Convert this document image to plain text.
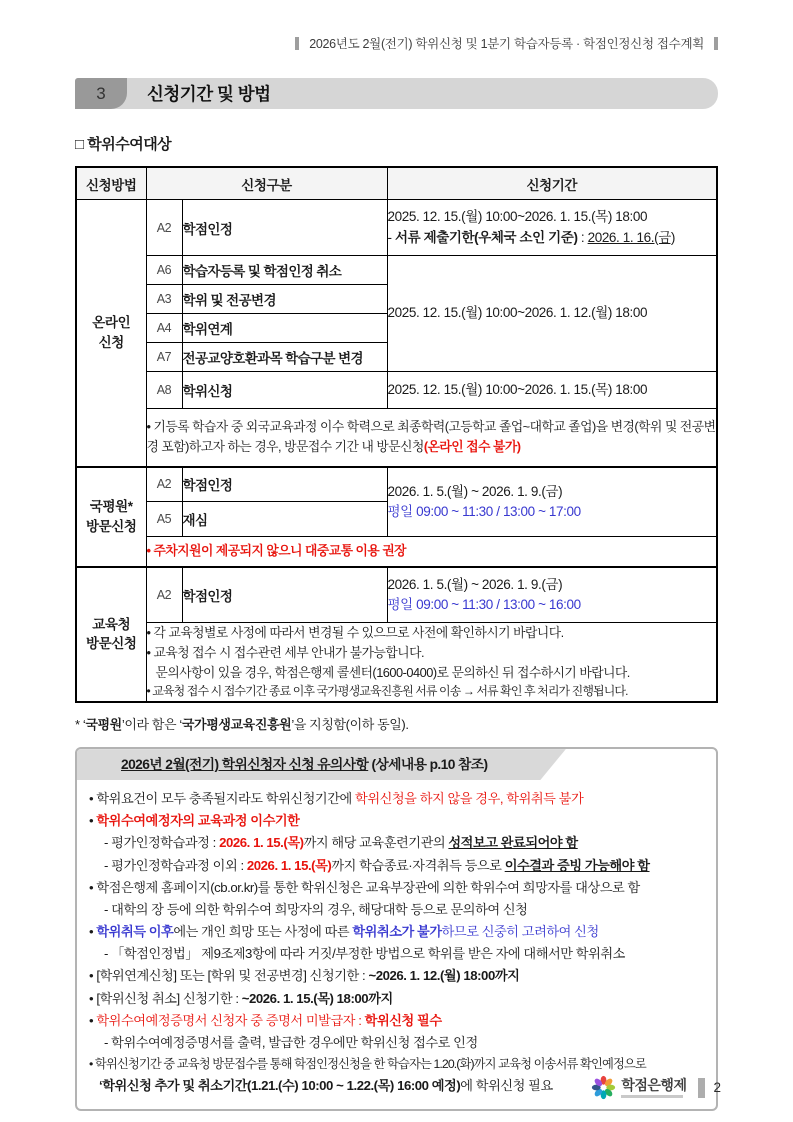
2026년도 2월(전기) 학위신청 및 1분기 학습자등록 · 학점인정신청 접수계획
3	신청기간 및 방법
□ 학위수여대상
신청방법	신청구분		신청기간
온라인
신청	A2	학점인정	2025. 12. 15.(월) 10:00~2026. 1. 15.(목) 18:00
- 서류 제출기한(우체국 소인 기준) : 2026. 1. 16.(금)
	A6	학습자등록 및 학점인정 취소	2025. 12. 15.(월) 10:00~2026. 1. 12.(월) 18:00
	A3	학위 및 전공변경	
	A4	학위연계	
	A7	전공교양호환과목 학습구분 변경	
	A8	학위신청	2025. 12. 15.(월) 10:00~2026. 1. 15.(목) 18:00
	• 기등록 학습자 중 외국교육과정 이수 학력으로 최종학력(고등학교 졸업~대학교 졸업)을 변경(학위 및 전공변경 포함)하고자 하는 경우, 방문접수 기간 내 방문신청(온라인 접수 불가)		
국평원*
방문신청	A2	학점인정	2026. 1. 5.(월) ~ 2026. 1. 9.(금)
평일 09:00 ~ 11:30 / 13:00 ~ 17:00
	A5	재심	
	• 주차지원이 제공되지 않으니 대중교통 이용 권장		
교육청
방문신청	A2	학점인정	2026. 1. 5.(월) ~ 2026. 1. 9.(금)
평일 09:00 ~ 11:30 / 13:00 ~ 16:00

	• 각 교육청별로 사정에 따라서 변경될 수 있으므로 사전에 확인하시기 바랍니다.
• 교육청 접수 시 접수관련 세부 안내가 불가능합니다.
문의사항이 있을 경우, 학점은행제 콜센터(1600-0400)로 문의하신 뒤 접수하시기 바랍니다.
• 교육청 접수 시 접수기간 종료 이후 국가평생교육진흥원 서류 이송 → 서류 확인 후 처리가 진행됩니다.		
* ‘국평원’이라 함은 ‘국가평생교육진흥원’을 지칭함(이하 동일).
2026년 2월(전기) 학위신청자 신청 유의사항 (상세내용 p.10 참조)
• 학위요건이 모두 충족될지라도 학위신청기간에 학위신청을 하지 않을 경우, 학위취득 불가
• 학위수여예정자의 교육과정 이수기한
- 평가인정학습과정 : 2026. 1. 15.(목)까지 해당 교육훈련기관의 성적보고 완료되어야 함
- 평가인정학습과정 이외 : 2026. 1. 15.(목)까지 학습종료·자격취득 등으로 이수결과 증빙 가능해야 함
• 학점은행제 홈페이지(cb.or.kr)를 통한 학위신청은 교육부장관에 의한 학위수여 희망자를 대상으로 함
- 대학의 장 등에 의한 학위수여 희망자의 경우, 해당대학 등으로 문의하여 신청
• 학위취득 이후에는 개인 희망 또는 사정에 따른 학위취소가 불가하므로 신중히 고려하여 신청
- 「학점인정법」 제9조제3항에 따라 거짓/부정한 방법으로 학위를 받은 자에 대해서만 학위취소
• [학위연계신청] 또는 [학위 및 전공변경] 신청기한 : ~2026. 1. 12.(월) 18:00까지
• [학위신청 취소] 신청기한 : ~2026. 1. 15.(목) 18:00까지
• 학위수여예정증명서 신청자 중 증명서 미발급자 : 학위신청 필수
- 학위수여예정증명서를 출력, 발급한 경우에만 학위신청 접수로 인정
• 학위신청기간 중 교육청 방문접수를 통해 학점인정신청을 한 학습자는 1.20.(화)까지 교육청 이송서류 확인예정으로
‘학위신청 추가 및 취소기간(1.21.(수) 10:00 ~ 1.22.(목) 16:00 예정)에 학위신청 필요	학점은행제 2
